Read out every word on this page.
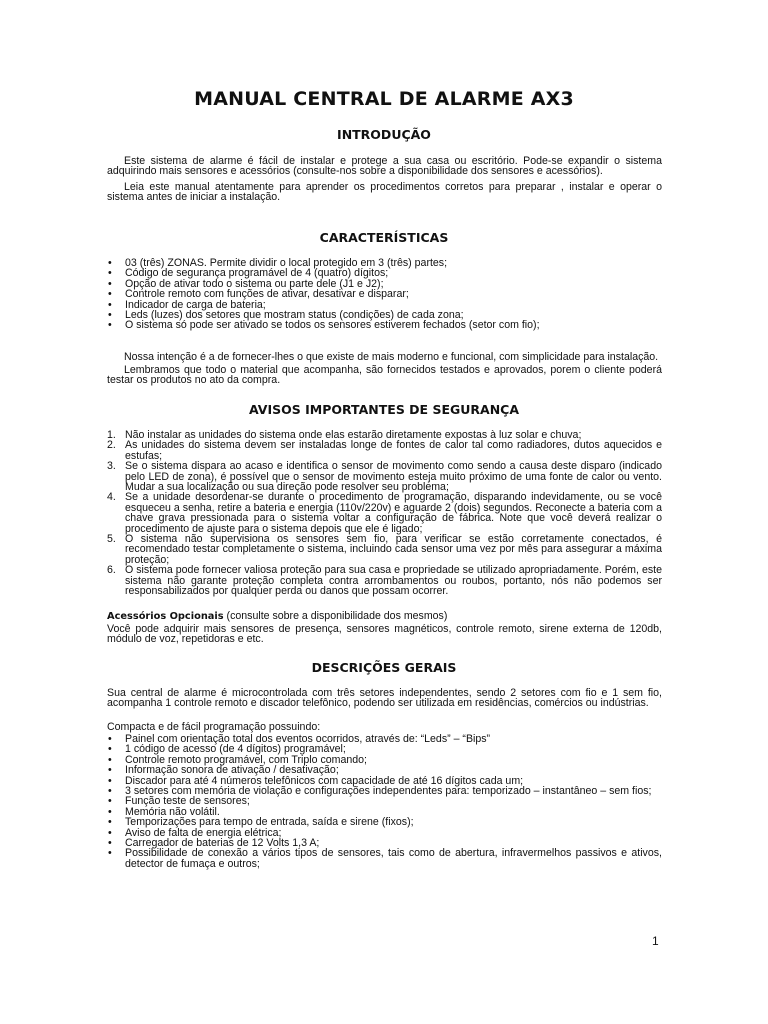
MANUAL CENTRAL DE ALARME AX3
INTRODUÇÃO
Este sistema de alarme é fácil de instalar e protege a sua casa ou escritório. Pode-se expandir o sistema adquirindo mais sensores e acessórios (consulte-nos sobre a disponibilidade dos sensores e acessórios).
Leia este manual atentamente para aprender os procedimentos corretos para preparar , instalar e operar o sistema antes de iniciar a instalação.
CARACTERÍSTICAS
• 03 (três) ZONAS. Permite dividir o local protegido em 3 (três) partes;
• Código de segurança programável de 4 (quatro) dígitos;
• Opção de ativar todo o sistema ou parte dele (J1 e J2);
• Controle remoto com funções de ativar, desativar e disparar;
• Indicador de carga de bateria;
• Leds (luzes) dos setores que mostram status (condições) de cada zona;
• O sistema só pode ser ativado se todos os sensores estiverem fechados (setor com fio);
Nossa intenção é a de fornecer-lhes o que existe de mais moderno e funcional, com simplicidade para instalação.
Lembramos que todo o material que acompanha, são fornecidos testados e aprovados, porem o cliente poderá testar os produtos no ato da compra.
AVISOS IMPORTANTES DE SEGURANÇA
1. Não instalar as unidades do sistema onde elas estarão diretamente expostas à luz solar e chuva;
2. As unidades do sistema devem ser instaladas longe de fontes de calor tal como radiadores, dutos aquecidos e estufas;
3. Se o sistema dispara ao acaso e identifica o sensor de movimento como sendo a causa deste disparo (indicado pelo LED de zona), é possível que o sensor de movimento esteja muito próximo de uma fonte de calor ou vento. Mudar a sua localização ou sua direção pode resolver seu problema;
4. Se a unidade desordenar-se durante o procedimento de programação, disparando indevidamente, ou se você esqueceu a senha, retire a bateria e energia (110v/220v) e aguarde 2 (dois) segundos. Reconecte a bateria com a chave grava pressionada para o sistema voltar a configuração de fábrica. Note que você deverá realizar o procedimento de ajuste para o sistema depois que ele é ligado;
5. O sistema não supervisiona os sensores sem fio, para verificar se estão corretamente conectados, é recomendado testar completamente o sistema, incluindo cada sensor uma vez por mês para assegurar a máxima proteção;
6. O sistema pode fornecer valiosa proteção para sua casa e propriedade se utilizado apropriadamente. Porém, este sistema não garante proteção completa contra arrombamentos ou roubos, portanto, nós não podemos ser responsabilizados por qualquer perda ou danos que possam ocorrer.
Acessórios Opcionais (consulte sobre a disponibilidade dos mesmos)
Você pode adquirir mais sensores de presença, sensores magnéticos, controle remoto, sirene externa de 120db, módulo de voz, repetidoras e etc.
DESCRIÇÕES GERAIS
Sua central de alarme é microcontrolada com três setores independentes, sendo 2 setores com fio e 1 sem fio, acompanha 1 controle remoto e discador telefônico, podendo ser utilizada em residências, comércios ou indústrias.
Compacta e de fácil programação possuindo:
• Painel com orientação total dos eventos ocorridos, através de: “Leds” – “Bips”
• 1 código de acesso (de 4 dígitos) programável;
• Controle remoto programável, com Triplo comando;
• Informação sonora de ativação / desativação;
• Discador para até 4 números telefônicos com capacidade de até 16 dígitos cada um;
• 3 setores com memória de violação e configurações independentes para: temporizado – instantâneo – sem fios;
• Função teste de sensores;
• Memória não volátil.
• Temporizações para tempo de entrada, saída e sirene (fixos);
• Aviso de falta de energia elétrica;
• Carregador de baterias de 12 Volts 1,3 A;
• Possibilidade de conexão a vários tipos de sensores, tais como de abertura, infravermelhos passivos e ativos, detector de fumaça e outros;
1
